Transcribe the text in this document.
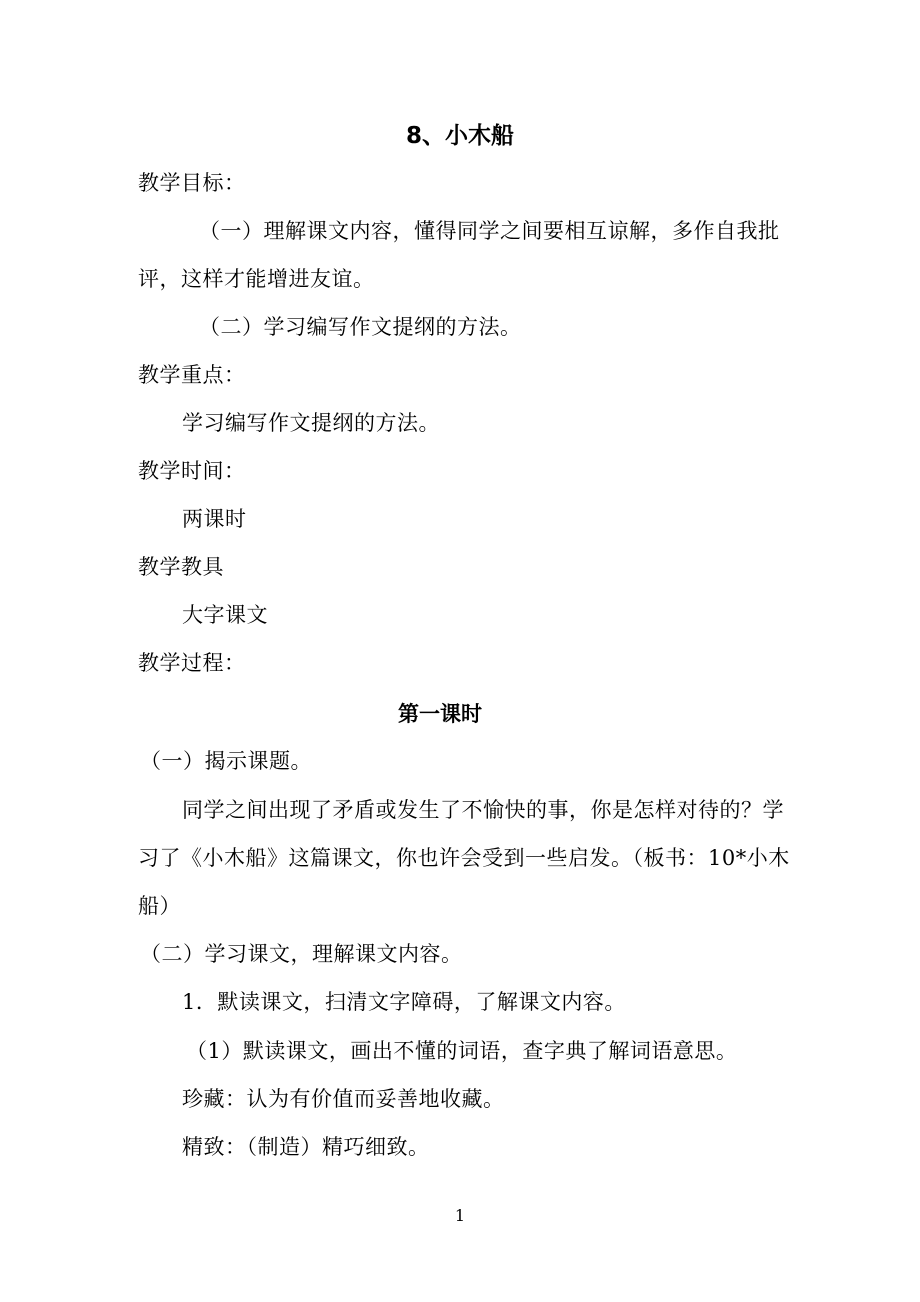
8、小木船
教学目标：
（一）理解课文内容，懂得同学之间要相互谅解，多作自我批
评，这样才能增进友谊。
（二）学习编写作文提纲的方法。
教学重点：
学习编写作文提纲的方法。
教学时间：
两课时
教学教具
大字课文
教学过程：
第一课时
（一）揭示课题。
同学之间出现了矛盾或发生了不愉快的事，你是怎样对待的？学
习了《小木船》这篇课文，你也许会受到一些启发。（板书：10*小木
船）
（二）学习课文，理解课文内容。
1．默读课文，扫清文字障碍，了解课文内容。
（1）默读课文，画出不懂的词语，查字典了解词语意思。
珍藏：认为有价值而妥善地收藏。
精致：（制造）精巧细致。
1
